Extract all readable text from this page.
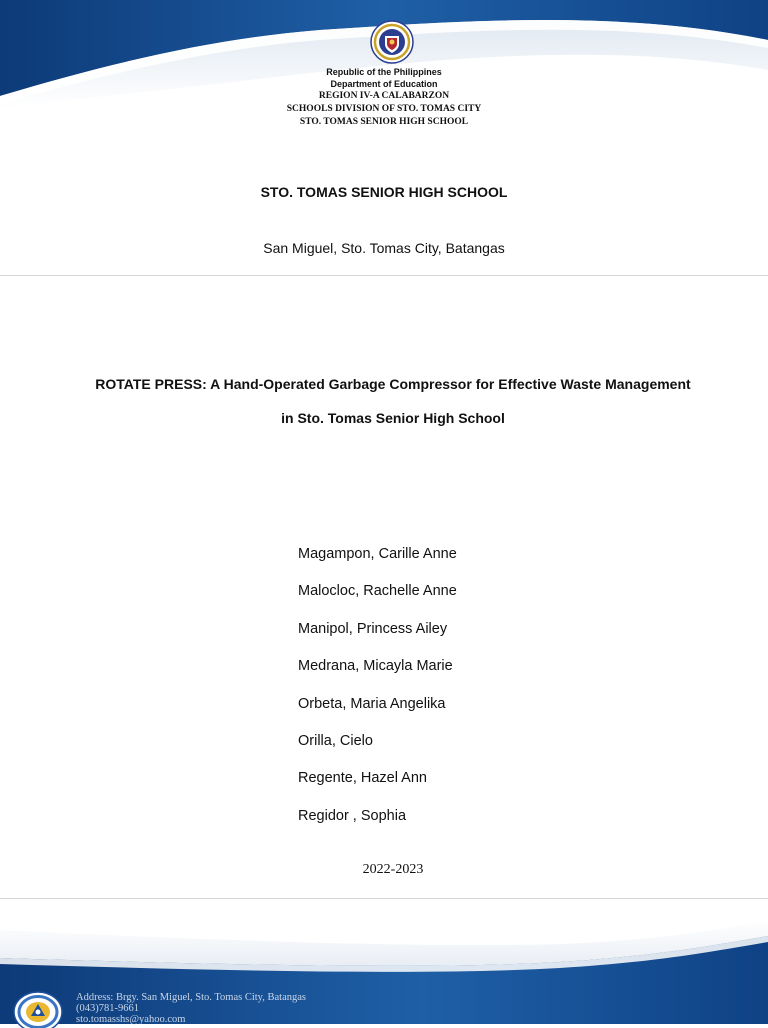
Republic of the Philippines
Department of Education
REGION IV-A CALABARZON
SCHOOLS DIVISION OF STO. TOMAS CITY
STO. TOMAS SENIOR HIGH SCHOOL
STO. TOMAS SENIOR HIGH SCHOOL
San Miguel, Sto. Tomas City, Batangas
ROTATE PRESS: A Hand-Operated Garbage Compressor for Effective Waste Management
in Sto. Tomas Senior High School
Magampon, Carille Anne
Malocloc, Rachelle Anne
Manipol, Princess Ailey
Medrana, Micayla Marie
Orbeta, Maria Angelika
Orilla, Cielo
Regente, Hazel Ann
Regidor , Sophia
2022-2023
Address: Brgy. San Miguel, Sto. Tomas City, Batangas
(043)781-9661
sto.tomasshs@yahoo.com
